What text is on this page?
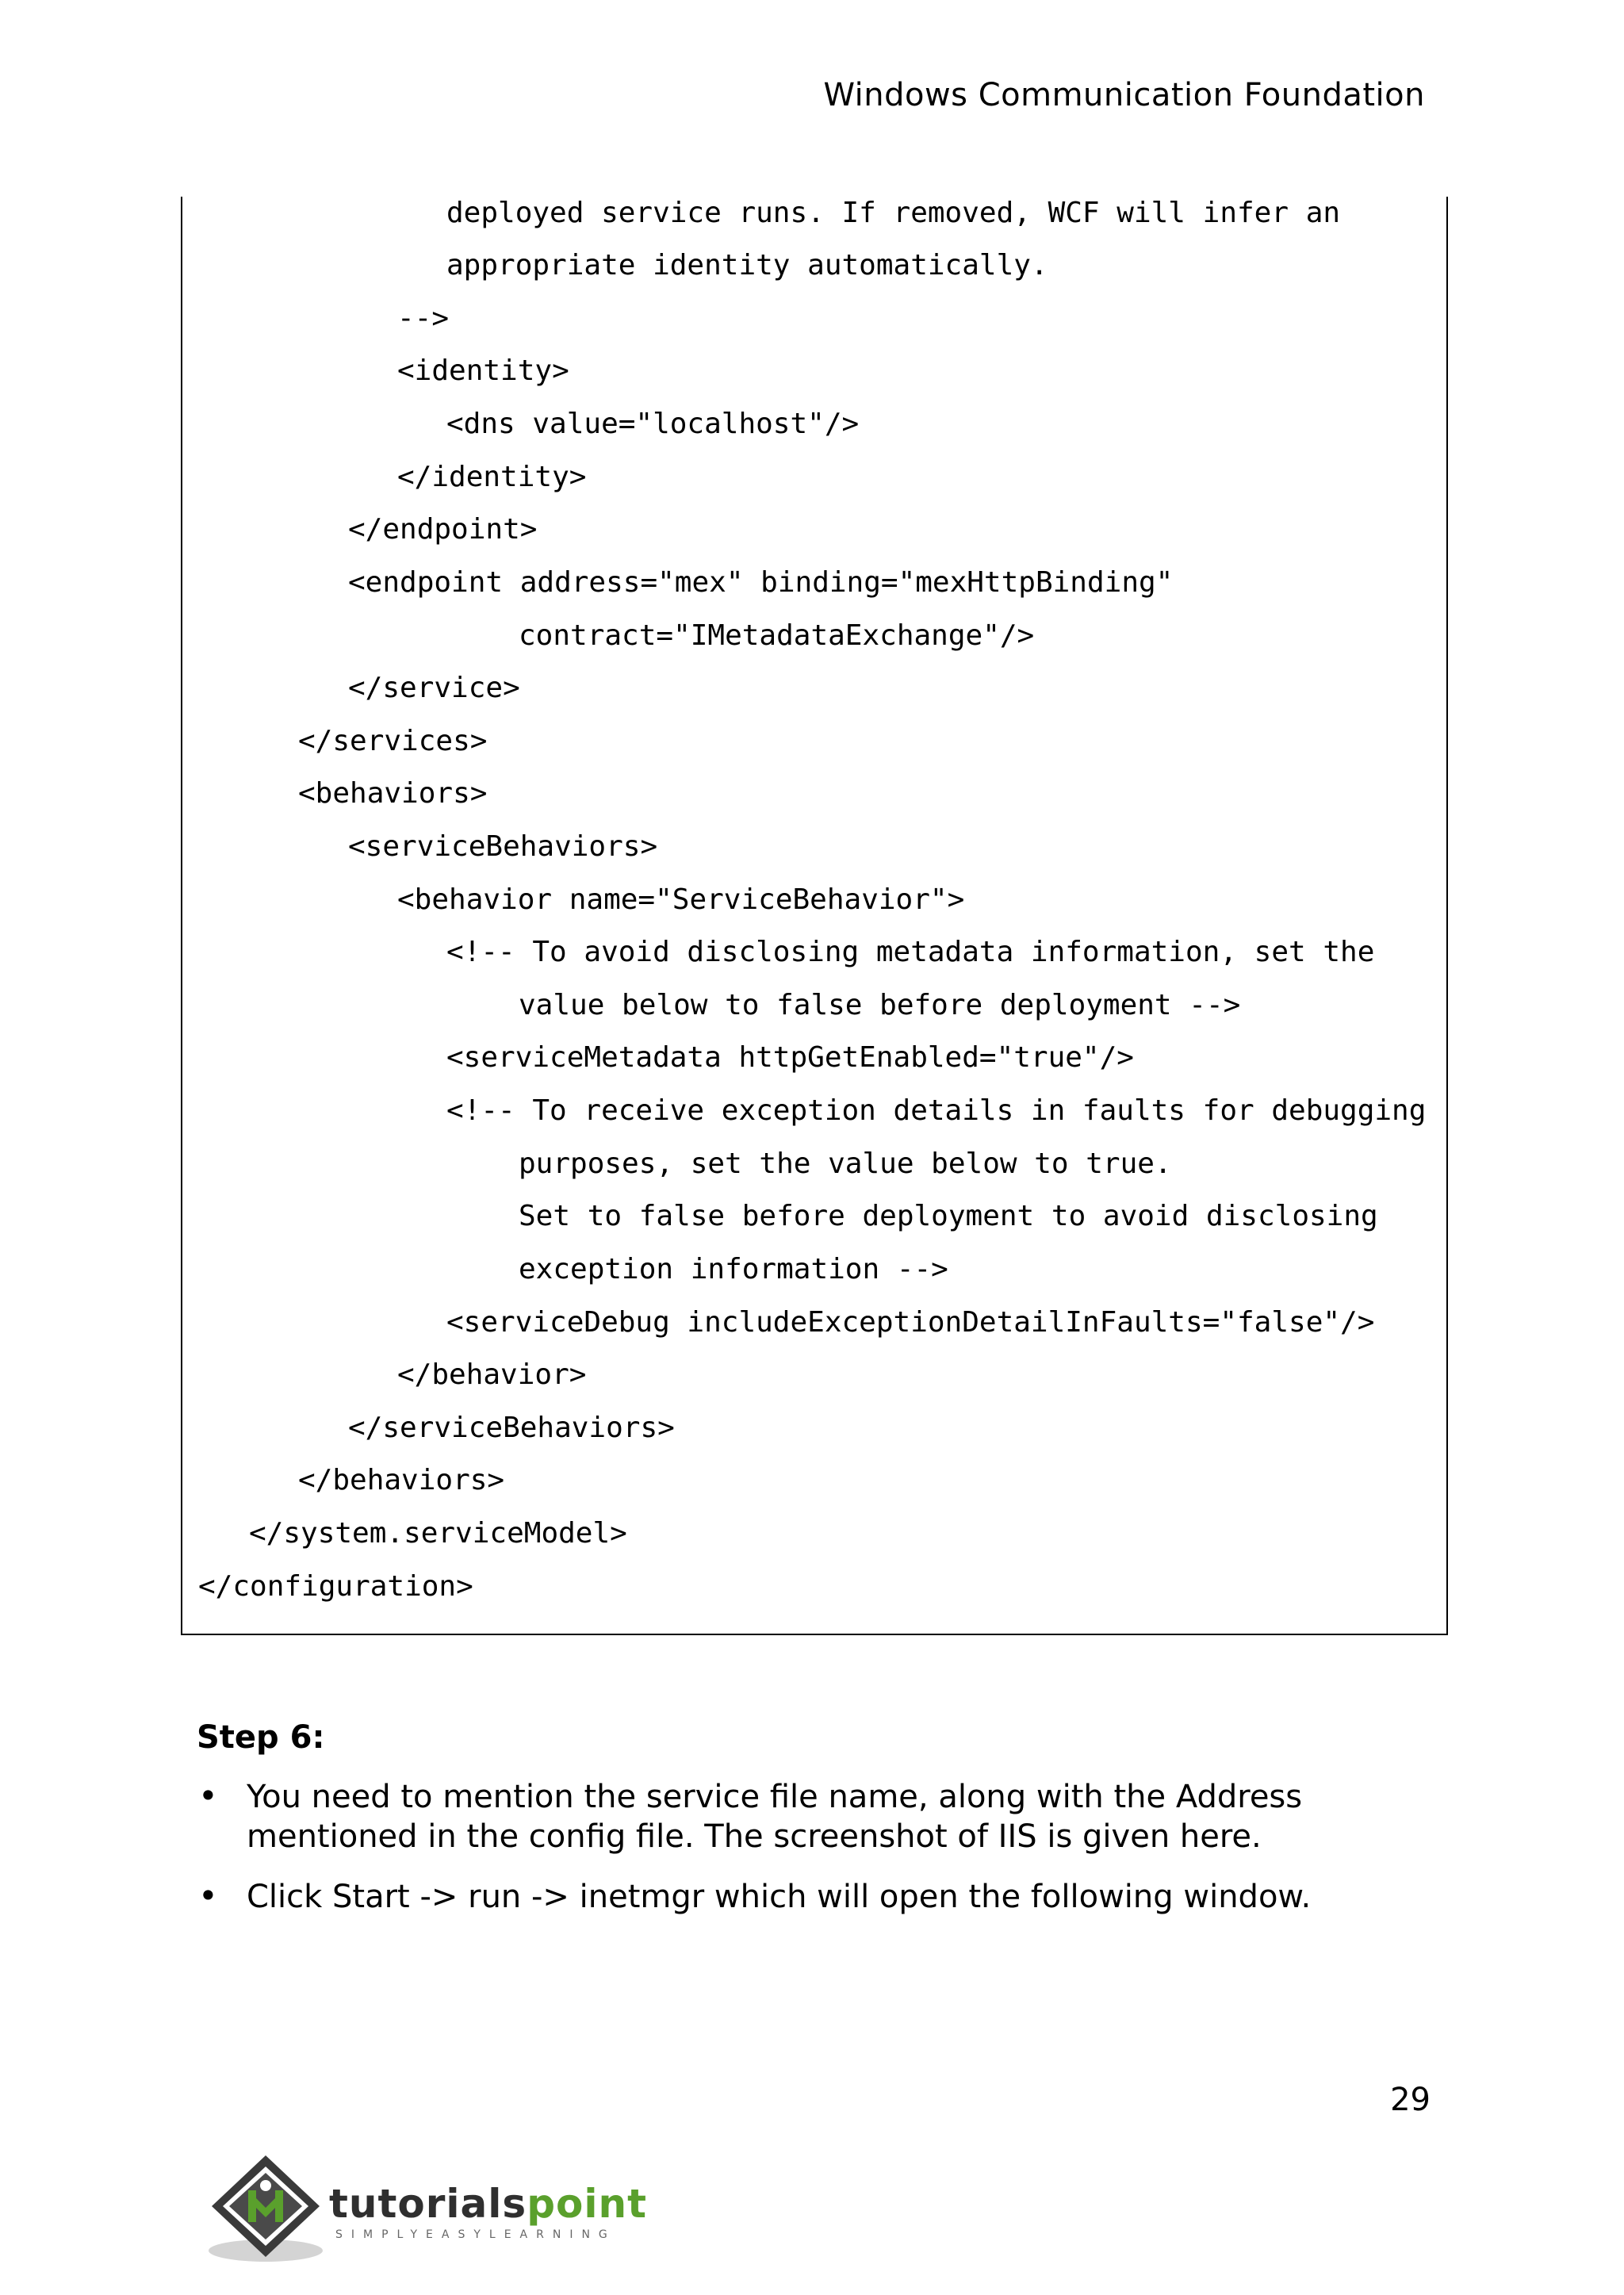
Windows Communication Foundation
deployed service runs. If removed, WCF will infer an
appropriate identity automatically.
-->
<identity>
<dns value="localhost"/>
</identity>
</endpoint>
<endpoint address="mex" binding="mexHttpBinding"
contract="IMetadataExchange"/>
</service>
</services>
<behaviors>
<serviceBehaviors>
<behavior name="ServiceBehavior">
<!-- To avoid disclosing metadata information, set the
value below to false before deployment -->
<serviceMetadata httpGetEnabled="true"/>
<!-- To receive exception details in faults for debugging
purposes, set the value below to true.
Set to false before deployment to avoid disclosing
exception information -->
<serviceDebug includeExceptionDetailInFaults="false"/>
</behavior>
</serviceBehaviors>
</behaviors>
</system.serviceModel>
</configuration>
Step 6:
• You need to mention the service file name, along with the Address mentioned in the config file. The screenshot of IIS is given here.
• Click Start -> run -> inetmgr which will open the following window.
29
tutorialspoint
SIMPLYEASYLEARNING
